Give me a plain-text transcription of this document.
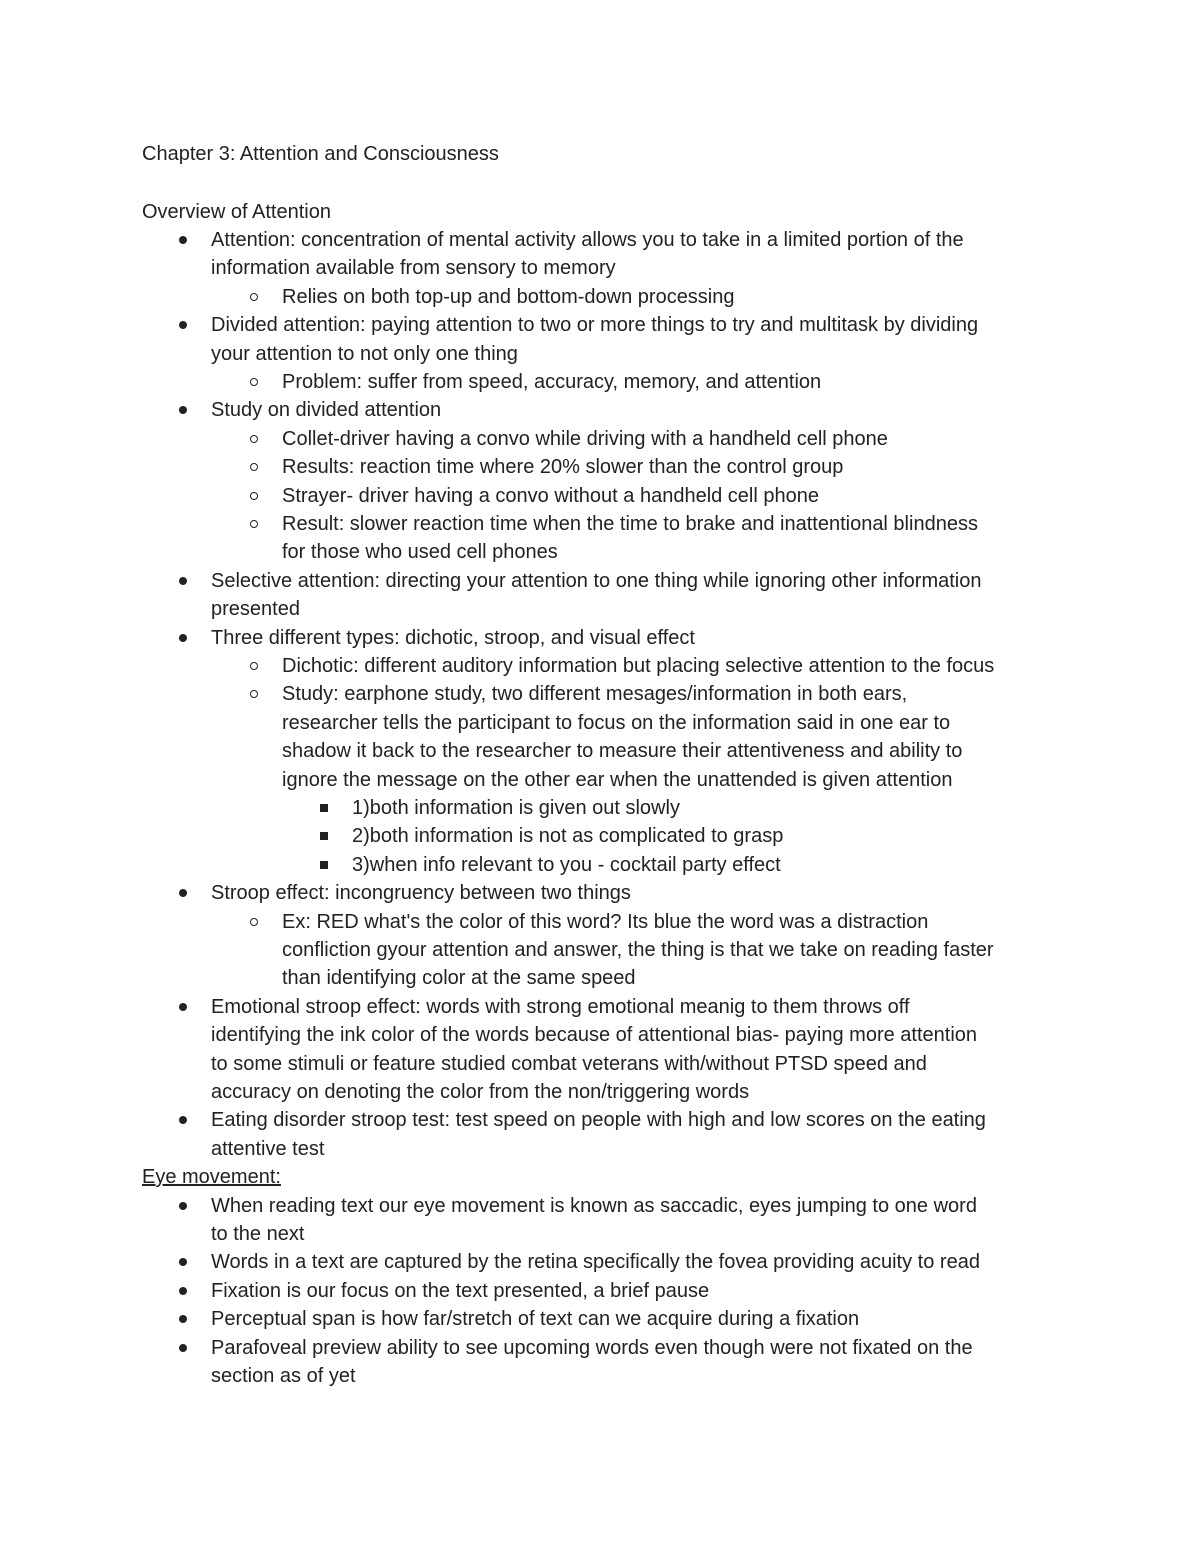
Chapter 3: Attention and Consciousness
Overview of Attention
Attention: concentration of mental activity allows you to take in a limited portion of the
information available from sensory to memory
Relies on both top-up and bottom-down processing
Divided attention: paying attention to two or more things to try and multitask by dividing
your attention to not only one thing
Problem: suffer from speed, accuracy, memory, and attention
Study on divided attention
Collet-driver having a convo while driving with a handheld cell phone
Results: reaction time where 20% slower than the control group
Strayer- driver having a convo without a handheld cell phone
Result: slower reaction time when the time to brake and inattentional blindness
for those who used cell phones
Selective attention: directing your attention to one thing while ignoring other information
presented
Three different types: dichotic, stroop, and visual effect
Dichotic: different auditory information but placing selective attention to the focus
Study: earphone study, two different mesages/information in both ears,
researcher tells the participant to focus on the information said in one ear to
shadow it back to the researcher to measure their attentiveness and ability to
ignore the message on the other ear when the unattended is given attention
1)both information is given out slowly
2)both information is not as complicated to grasp
3)when info relevant to you - cocktail party effect
Stroop effect: incongruency between two things
Ex: RED what's the color of this word? Its blue the word was a distraction
confliction gyour attention and answer, the thing is that we take on reading faster
than identifying color at the same speed
Emotional stroop effect: words with strong emotional meanig to them throws off
identifying the ink color of the words because of attentional bias- paying more attention
to some stimuli or feature studied combat veterans with/without PTSD speed and
accuracy on denoting the color from the non/triggering words
Eating disorder stroop test: test speed on people with high and low scores on the eating
attentive test
Eye movement:
When reading text our eye movement is known as saccadic, eyes jumping to one word
to the next
Words in a text are captured by the retina specifically the fovea providing acuity to read
Fixation is our focus on the text presented, a brief pause
Perceptual span is how far/stretch of text can we acquire during a fixation
Parafoveal preview ability to see upcoming words even though were not fixated on the
section as of yet
